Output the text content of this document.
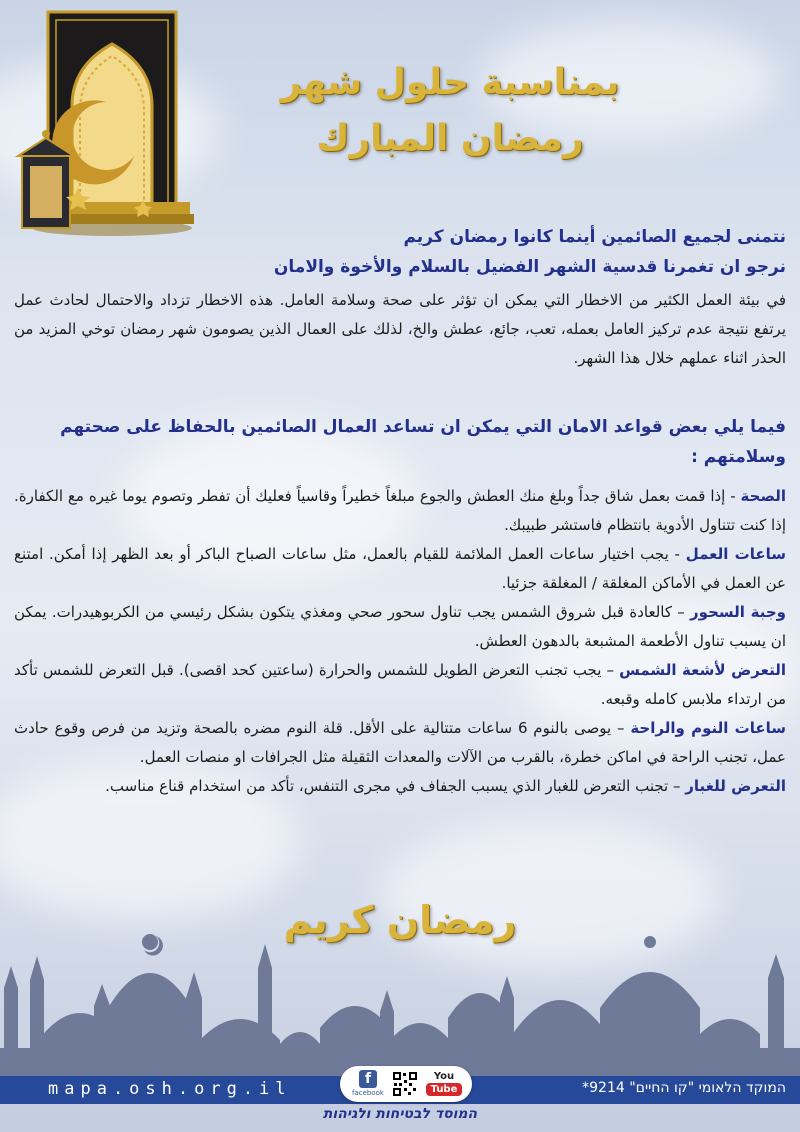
بمناسبة حلول شهر
رمضان المبارك
نتمنى لجميع الصائمين أينما كانوا رمضان كريم
نرجو ان تغمرنا قدسية الشهر الفضيل بالسلام والأخوة والامان
في بيئة العمل الكثير من الاخطار التي يمكن ان تؤثر على صحة وسلامة العامل. هذه الاخطار تزداد والاحتمال لحادث عمل يرتفع نتيجة عدم تركيز العامل بعمله، تعب، جائع، عطش والخ، لذلك على العمال الذين يصومون شهر رمضان توخي المزيد من الحذر اثناء عملهم خلال هذا الشهر.
فيما يلي بعض قواعد الامان التي يمكن ان تساعد العمال الصائمين بالحفاظ على صحتهم وسلامتهم :
الصحة - إذا قمت بعمل شاق جداً وبلغ منك العطش والجوع مبلغاً خطيراً وقاسياً فعليك أن تفطر وتصوم يوما غيره مع الكفارة. إذا كنت تتناول الأدوية بانتظام فاستشر طبيبك.
ساعات العمل - يجب اختيار ساعات العمل الملائمة للقيام بالعمل، مثل ساعات الصباح الباكر أو بعد الظهر إذا أمكن. امتنع عن العمل في الأماكن المغلقة / المغلقة جزئيا.
وجبة السحور – كالعادة قبل شروق الشمس يجب تناول سحور صحي ومغذي يتكون بشكل رئيسي من الكربوهيدرات. يمكن ان يسبب تناول الأطعمة المشبعة بالدهون العطش.
التعرض لأشعة الشمس – يجب تجنب التعرض الطويل للشمس والحرارة (ساعتين كحد اقصى). قبل التعرض للشمس تأكد من ارتداء ملابس كامله وقبعه.
ساعات النوم والراحة – يوصى بالنوم 6 ساعات متتالية على الأقل. قلة النوم مضره بالصحة وتزيد من فرص وقوع حادث عمل، تجنب الراحة في اماكن خطرة، بالقرب من الآلات والمعدات الثقيلة مثل الجرافات او منصات العمل.
التعرض للغبار – تجنب التعرض للغبار الذي يسبب الجفاف في مجرى التنفس، تأكد من استخدام قناع مناسب.
رمضان كريم
mapa.osh.org.il	המוקד הלאומי "קו החיים" 9214*
f
facebook
You
Tube
המוסד לבטיחות ולגיהות
